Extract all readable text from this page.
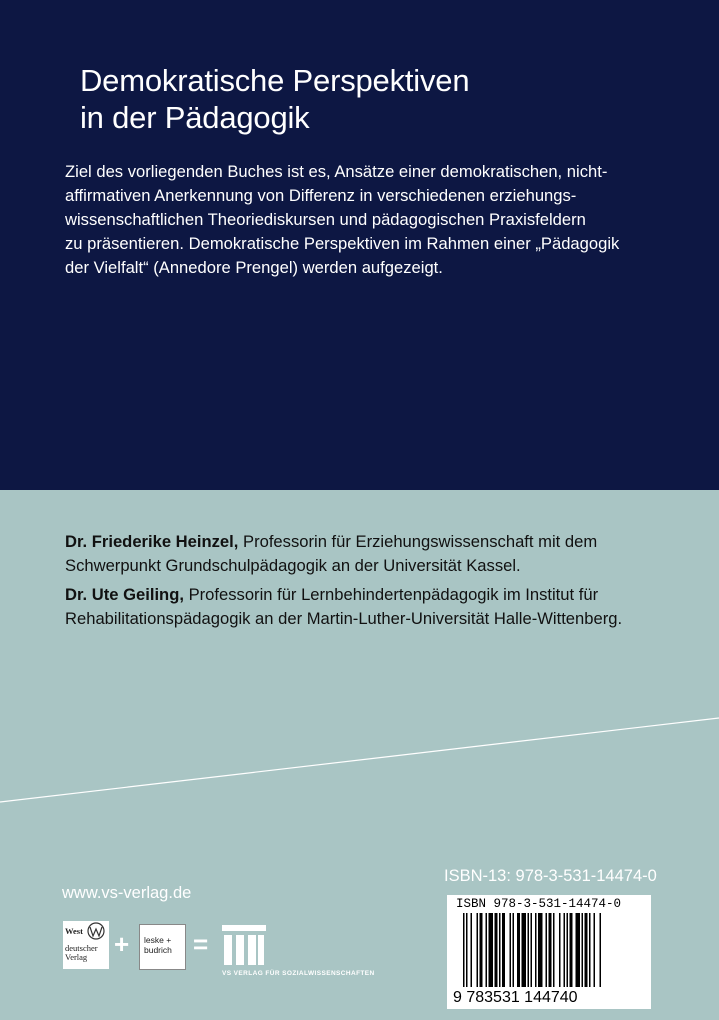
Demokratische Perspektiven
in der Pädagogik

Ziel des vorliegenden Buches ist es, Ansätze einer demokratischen, nicht-
affirmativen Anerkennung von Differenz in verschiedenen erziehungs-
wissenschaftlichen Theoriediskursen und pädagogischen Praxisfeldern
zu präsentieren. Demokratische Perspektiven im Rahmen einer „Pädagogik
der Vielfalt“ (Annedore Prengel) werden aufgezeigt.

Dr. Friederike Heinzel, Professorin für Erziehungswissenschaft mit dem
Schwerpunkt Grundschulpädagogik an der Universität Kassel.

Dr. Ute Geiling, Professorin für Lernbehindertenpädagogik im Institut für
Rehabilitationspädagogik an der Martin-Luther-Universität Halle-Wittenberg.

www.vs-verlag.de
ISBN-13: 978-3-531-14474-0
ISBN 978-3-531-14474-0
9 783531 144740
West
deutscher
Verlag	+ leske +
budrich =
VS VERLAG FÜR SOZIALWISSENSCHAFTEN
